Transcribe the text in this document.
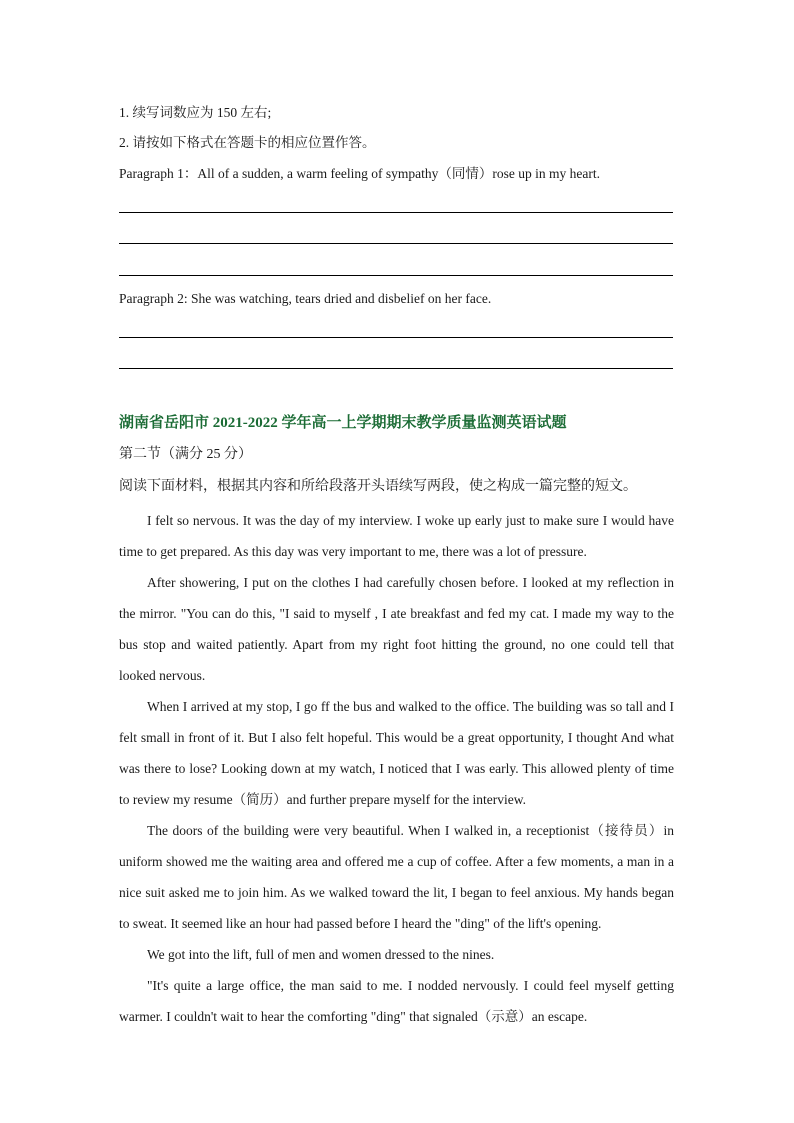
1. 续写词数应为 150 左右;
2. 请按如下格式在答题卡的相应位置作答。
Paragraph 1：All of a sudden, a warm feeling of sympathy（同情）rose up in my heart.
Paragraph 2: She was watching, tears dried and disbelief on her face.
湖南省岳阳市 2021-2022 学年高一上学期期末教学质量监测英语试题
第二节（满分 25 分）
阅读下面材料，根据其内容和所给段落开头语续写两段，使之构成一篇完整的短文。

I felt so nervous. It was the day of my interview. I woke up early just to make sure I would have time to get prepared. As this day was very important to me, there was a lot of pressure.

After showering, I put on the clothes I had carefully chosen before. I looked at my reflection in the mirror. "You can do this, "I said to myself , I ate breakfast and fed my cat. I made my way to the bus stop and waited patiently. Apart from my right foot hitting the ground, no one could tell that looked nervous.

When I arrived at my stop, I go ff the bus and walked to the office. The building was so tall and I felt small in front of it. But I also felt hopeful. This would be a great opportunity, I thought And what was there to lose? Looking down at my watch, I noticed that I was early. This allowed plenty of time to review my resume（简历）and further prepare myself for the interview.

The doors of the building were very beautiful. When I walked in, a receptionist（接待员）in uniform showed me the waiting area and offered me a cup of coffee. After a few moments, a man in a nice suit asked me to join him. As we walked toward the lit, I began to feel anxious. My hands began to sweat. It seemed like an hour had passed before I heard the "ding" of the lift's opening.

We got into the lift, full of men and women dressed to the nines.

"It's quite a large office, the man said to me. I nodded nervously. I could feel myself getting warmer. I couldn't wait to hear the comforting "ding" that signaled（示意）an escape.
